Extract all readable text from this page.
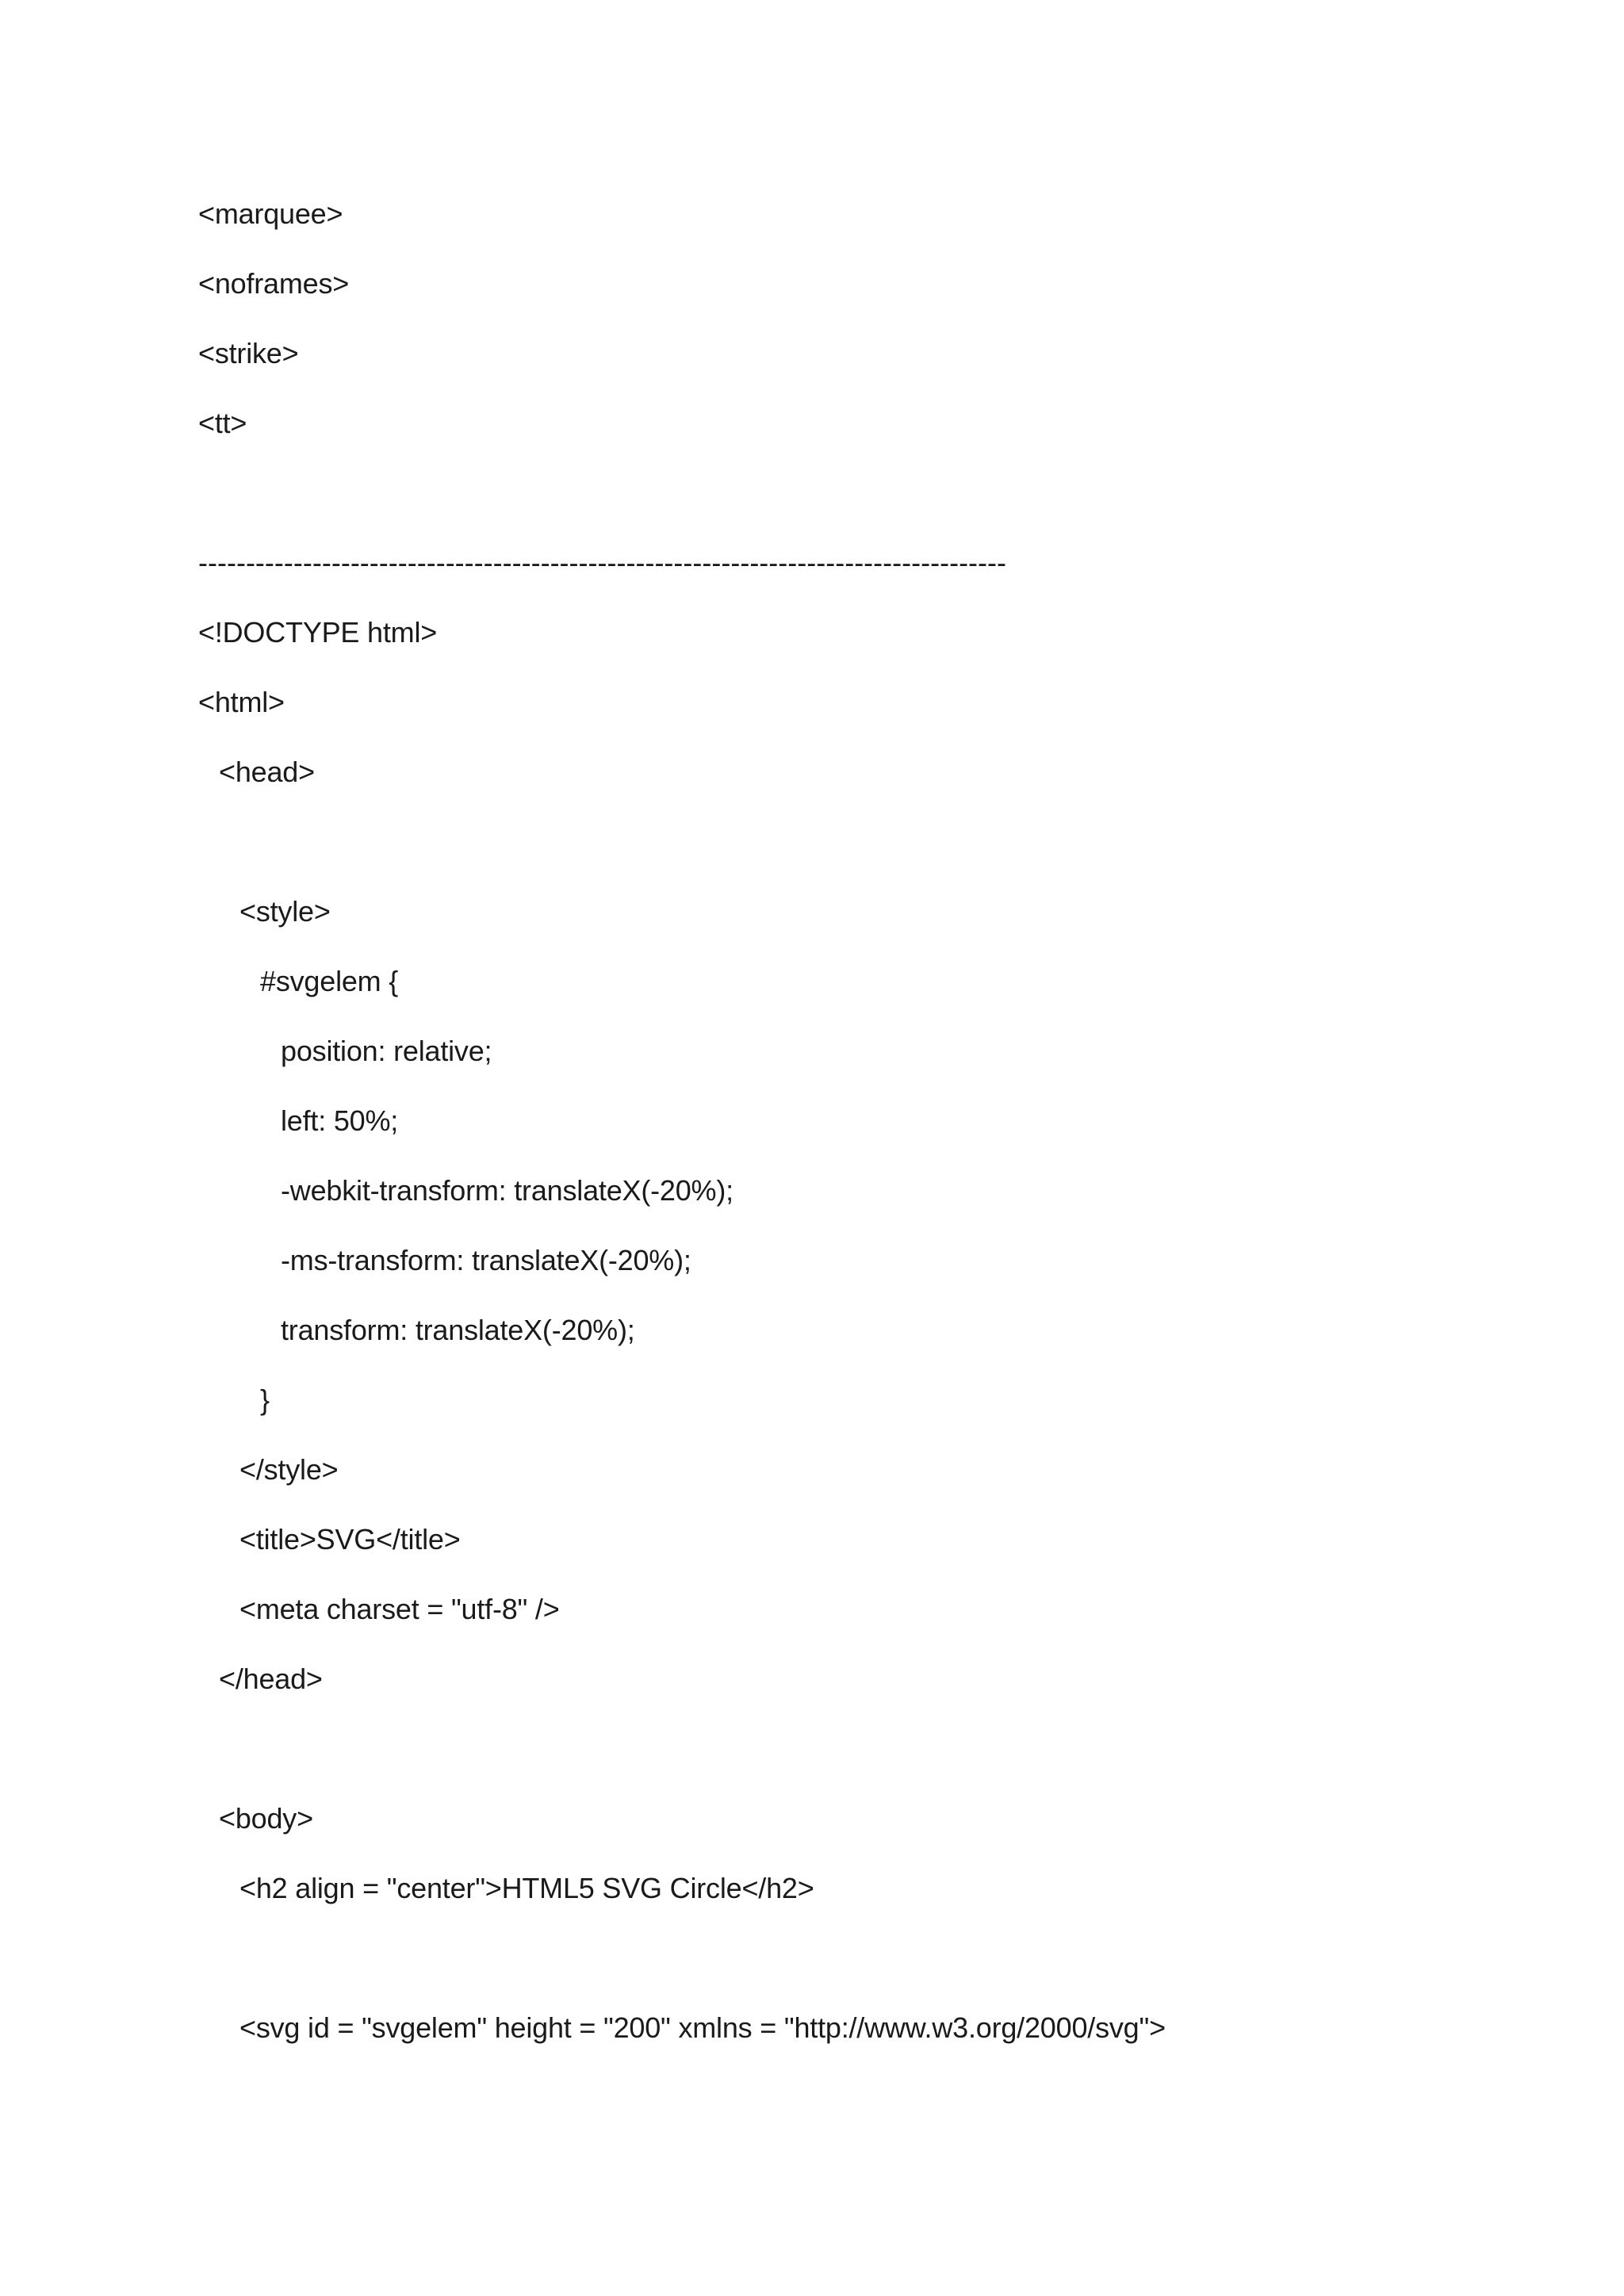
<marquee>
<noframes>
<strike>
<tt>
-------------------------------------------------------------------------------------
<!DOCTYPE html>
<html>
<head>
<style>
#svgelem {
position: relative;
left: 50%;
-webkit-transform: translateX(-20%);
-ms-transform: translateX(-20%);
transform: translateX(-20%);
}
</style>
<title>SVG</title>
<meta charset = "utf-8" />
</head>
<body>
<h2 align = "center">HTML5 SVG Circle</h2>
<svg id = "svgelem" height = "200" xmlns = "http://www.w3.org/2000/svg">
